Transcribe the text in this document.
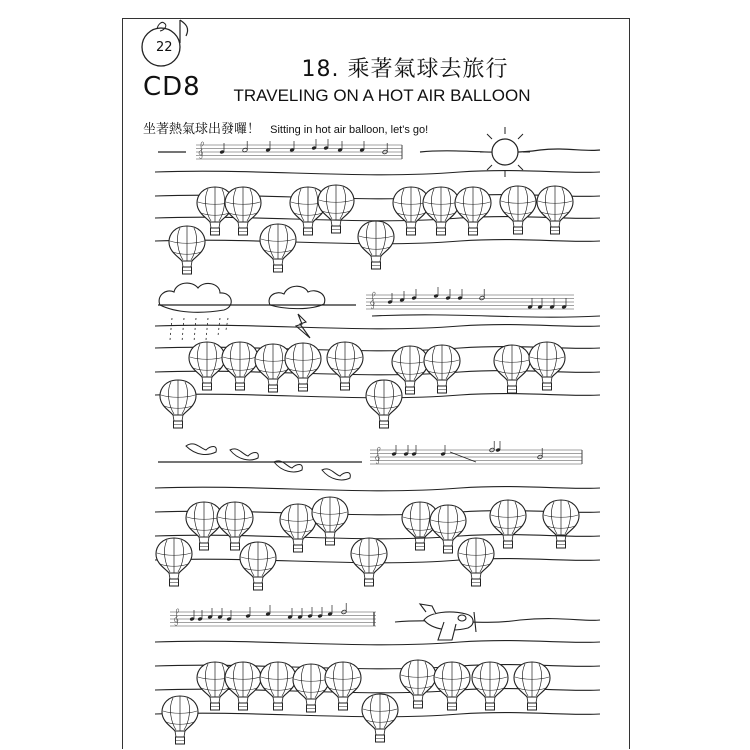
22
CD8
18. 乘著氣球去旅行
TRAVELING ON A HOT AIR BALLOON
坐著熱氣球出發囉！ Sitting in hot air balloon, let's go!
